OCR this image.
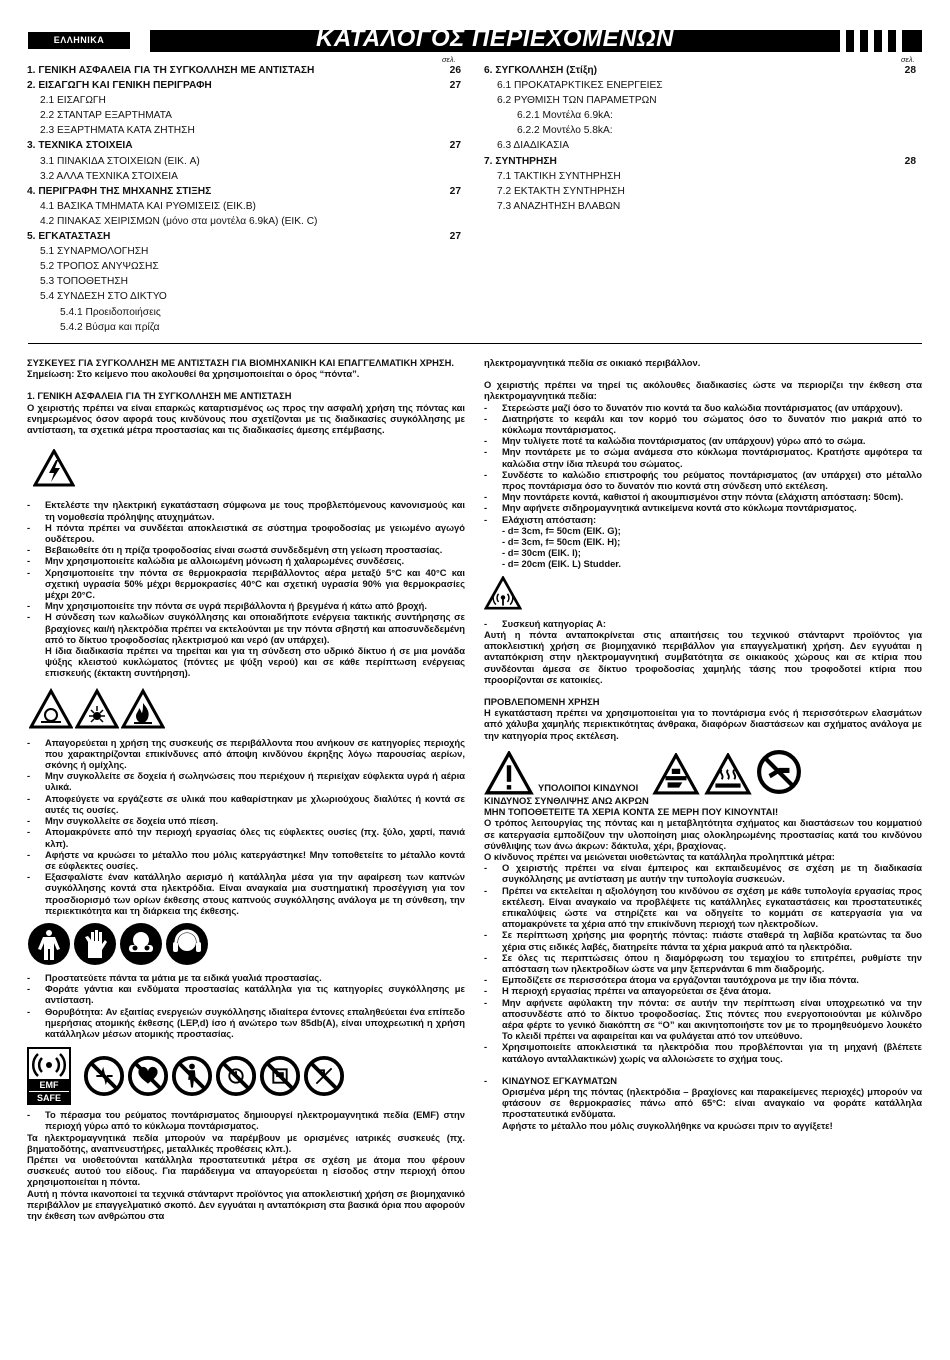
ΕΛΛΗΝΙΚΑ	ΚΑΤΑΛΟΓΟΣ ΠΕΡΙΕΧΟΜΕΝΩΝ
σελ.	σελ.
1. ΓΕΝΙΚΗ ΑΣΦΑΛΕΙΑ ΓΙΑ ΤΗ ΣΥΓΚΟΛΛΗΣΗ ΜΕ ΑΝΤΙΣΤΑΣΗ	26
2. ΕΙΣΑΓΩΓΗ ΚΑΙ ΓΕΝΙΚΗ ΠΕΡΙΓΡΑΦΗ	27
2.1 ΕΙΣΑΓΩΓΗ
2.2 ΣΤΑΝΤΑΡ ΕΞΑΡΤΗΜΑΤΑ
2.3 ΕΞΑΡΤΗΜΑΤΑ ΚΑΤΑ ΖΗΤΗΣΗ
3. ΤΕΧΝΙΚΑ ΣΤΟΙΧΕΙΑ	27
3.1 ΠΙΝΑΚΙΔΑ ΣΤΟΙΧΕΙΩΝ (ΕΙΚ. A)
3.2 ΑΛΛΑ ΤΕΧΝΙΚΑ ΣΤΟΙΧΕΙΑ
4. ΠΕΡΙΓΡΑΦΗ ΤΗΣ ΜΗΧΑΝΗΣ ΣΤΙΞΗΣ	27
4.1 ΒΑΣΙΚΑ ΤΜΗΜΑΤΑ ΚΑΙ ΡΥΘΜΙΣΕΙΣ (ΕΙΚ.B)
4.2 ΠΙΝΑΚΑΣ ΧΕΙΡΙΣΜΩΝ (μόνο στα μοντέλα 6.9kA) (ΕΙΚ. C)
5. ΕΓΚΑΤΑΣΤΑΣΗ	27
5.1 ΣΥΝΑΡΜΟΛΟΓΗΣΗ
5.2 ΤΡΟΠΟΣ ΑΝΥΨΩΣΗΣ
5.3 ΤΟΠΟΘΕΤΗΣΗ
5.4 ΣΥΝΔΕΣΗ ΣΤΟ ΔΙΚΤΥΟ
5.4.1 Προειδοποιήσεις
5.4.2 Βύσμα και πρίζα
6. ΣΥΓΚΟΛΛΗΣΗ (Στίξη)	28
6.1 ΠΡΟΚΑΤΑΡΚΤΙΚΕΣ ΕΝΕΡΓΕΙΕΣ
6.2 ΡΥΘΜΙΣΗ ΤΩΝ ΠΑΡΑΜΕΤΡΩΝ
6.2.1 Μοντέλα 6.9kA:
6.2.2 Μοντέλο 5.8kA:
6.3 ΔΙΑΔΙΚΑΣΙΑ
7. ΣΥΝΤΗΡΗΣΗ	28
7.1 ΤΑΚΤΙΚΗ ΣΥΝΤΗΡΗΣΗ
7.2 ΕΚΤΑΚΤΗ ΣΥΝΤΗΡΗΣΗ
7.3 ΑΝΑΖΗΤΗΣΗ ΒΛΑΒΩΝ

ΣΥΣΚΕΥΕΣ ΓΙΑ ΣΥΓΚΟΛΛΗΣΗ ΜΕ ΑΝΤΙΣΤΑΣΗ ΓΙΑ ΒΙΟΜΗΧΑΝΙΚΗ ΚΑΙ ΕΠΑΓΓΕΛΜΑΤΙΚΗ ΧΡΗΣΗ.

Σημείωση: Στο κείμενο που ακολουθεί θα χρησιμοποιείται ο όρος “πόντα”.

1. ΓΕΝΙΚΗ ΑΣΦΑΛΕΙΑ ΓΙΑ ΤΗ ΣΥΓΚΟΛΛΗΣΗ ΜΕ ΑΝΤΙΣΤΑΣΗ

Ο χειριστής πρέπει να είναι επαρκώς καταρτισμένος ως προς την ασφαλή χρήση της πόντας και ενημερωμένος όσον αφορά τους κινδύνους που σχετίζονται με τις διαδικασίες συγκόλλησης με αντίσταση, τα σχετικά μέτρα προστασίας και τις διαδικασίες άμεσης επέμβασης.

- Εκτελέστε την ηλεκτρική εγκατάσταση σύμφωνα με τους προβλεπόμενους κανονισμούς και τη νομοθεσία πρόληψης ατυχημάτων.
- Η πόντα πρέπει να συνδέεται αποκλειστικά σε σύστημα τροφοδοσίας με γειωμένο αγωγό ουδέτερου.
- Βεβαιωθείτε ότι η πρίζα τροφοδοσίας είναι σωστά συνδεδεμένη στη γείωση προστασίας.
- Μην χρησιμοποιείτε καλώδια με αλλοιωμένη μόνωση ή χαλαρωμένες συνδέσεις.
- Χρησιμοποιείτε την πόντα σε θερμοκρασία περιβάλλοντος αέρα μεταξύ 5°C και 40°C και σχετική υγρασία 50% μέχρι θερμοκρασίες 40°C και σχετική υγρασία 90% για θερμοκρασίες μέχρι 20°C.
- Μην χρησιμοποιείτε την πόντα σε υγρά περιβάλλοντα ή βρεγμένα ή κάτω από βροχή.
- Η σύνδεση των καλωδίων συγκόλλησης και οποιαδήποτε ενέργεια τακτικής συντήρησης σε βραχίονες και/ή ηλεκτρόδια πρέπει να εκτελούνται με την πόντα σβηστή και αποσυνδεδεμένη από το δίκτυο τροφοδοσίας ηλεκτρισμού και νερό (αν υπάρχει).

Η ίδια διαδικασία πρέπει να τηρείται και για τη σύνδεση στο υδρικό δίκτυο ή σε μια μονάδα ψύξης κλειστού κυκλώματος (πόντες με ψύξη νερού) και σε κάθε περίπτωση ενέργειας επισκευής (έκτακτη συντήρηση).

- Απαγορεύεται η χρήση της συσκευής σε περιβάλλοντα που ανήκουν σε κατηγορίες περιοχής που χαρακτηρίζονται επικίνδυνες από άποψη κινδύνου έκρηξης λόγω παρουσίας αερίων, σκόνης ή ομίχλης.
- Μην συγκολλείτε σε δοχεία ή σωληνώσεις που περιέχουν ή περιείχαν εύφλεκτα υγρά ή αέρια υλικά.
- Αποφεύγετε να εργάζεστε σε υλικά που καθαρίστηκαν με χλωριούχους διαλύτες ή κοντά σε αυτές τις ουσίες.
- Μην συγκολλείτε σε δοχεία υπό πίεση.
- Απομακρύνετε από την περιοχή εργασίας όλες τις εύφλεκτες ουσίες (πχ. ξύλο, χαρτί, πανιά κλπ).
- Αφήστε να κρυώσει το μέταλλο που μόλις κατεργάστηκε! Μην τοποθετείτε το μέταλλο κοντά σε εύφλεκτες ουσίες.
- Εξασφαλίστε έναν κατάλληλο αερισμό ή κατάλληλα μέσα για την αφαίρεση των καπνών συγκόλλησης κοντά στα ηλεκτρόδια. Είναι αναγκαία μια συστηματική προσέγγιση για τον προσδιορισμό των ορίων έκθεσης στους καπνούς συγκόλλησης ανάλογα με τη σύνθεση, την περιεκτικότητα και τη διάρκεια της έκθεσης.
- Προστατεύετε πάντα τα μάτια με τα ειδικά γυαλιά προστασίας.
- Φοράτε γάντια και ενδύματα προστασίας κατάλληλα για τις κατηγορίες συγκόλλησης με αντίσταση.
- Θορυβότητα: Αν εξαιτίας ενεργειών συγκόλλησης ιδιαίτερα έντονες επαληθεύεται ένα επίπεδο ημερήσιας ατομικής έκθεσης (LEP,d) ίσο ή ανώτερο των 85db(A), είναι υποχρεωτική η χρήση κατάλληλων μέσων ατομικής προστασίας.
EMF
SAFE
- Το πέρασμα του ρεύματος ποντάρισματος δημιουργεί ηλεκτρομαγνητικά πεδία (EMF) στην περιοχή γύρω από το κύκλωμα ποντάρισματος.

Τα ηλεκτρομαγνητικά πεδία μπορούν να παρέμβουν με ορισμένες ιατρικές συσκευές (πχ. βηματοδότης, αναπνευστήρες, μεταλλικές προθέσεις κλπ.).

Πρέπει να υιοθετούνται κατάλληλα προστατευτικά μέτρα σε σχέση με άτομα που φέρουν συσκευές αυτού του είδους. Για παράδειγμα να απαγορεύεται η είσοδος στην περιοχή όπου χρησιμοποιείται η πόντα.

Αυτή η πόντα ικανοποιεί τα τεχνικά στάνταρντ προϊόντος για αποκλειστική χρήση σε βιομηχανικό περιβάλλον με επαγγελματικό σκοπό. Δεν εγγυάται η ανταπόκριση στα βασικά όρια που αφορούν την έκθεση των ανθρώπου στα

ηλεκτρομαγνητικά πεδία σε οικιακό περιβάλλον.

Ο χειριστής πρέπει να τηρεί τις ακόλουθες διαδικασίες ώστε να περιορίζει την έκθεση στα ηλεκτρομαγνητικά πεδία:

- Στερεώστε μαζί όσο το δυνατόν πιο κοντά τα δυο καλώδια ποντάρισματος (αν υπάρχουν).
- Διατηρήστε το κεφάλι και τον κορμό του σώματος όσο το δυνατόν πιο μακριά από το κύκλωμα ποντάρισματος.
- Μην τυλίγετε ποτέ τα καλώδια ποντάρισματος (αν υπάρχουν) γύρω από το σώμα.
- Μην ποντάρετε με το σώμα ανάμεσα στο κύκλωμα ποντάρισματος. Κρατήστε αμφότερα τα καλώδια στην ίδια πλευρά του σώματος.
- Συνδέστε το καλώδιο επιστροφής του ρεύματος ποντάρισματος (αν υπάρχει) στο μέταλλο προς ποντάρισμα όσο το δυνατόν πιο κοντά στη σύνδεση υπό εκτέλεση.
- Μην ποντάρετε κοντά, καθιστοί ή ακουμπισμένοι στην πόντα (ελάχιστη απόσταση: 50cm).
- Μην αφήνετε σιδηρομαγνητικά αντικείμενα κοντά στο κύκλωμα ποντάρισματος.
- Ελάχιστη απόσταση:
- d= 3cm, f= 50cm (ΕΙΚ. G);
- d= 3cm, f= 50cm (ΕΙΚ. H);
- d= 30cm (ΕΙΚ. I);
- d= 20cm (ΕΙΚ. L) Studder.
- Συσκευή κατηγορίας A:

Αυτή η πόντα ανταποκρίνεται στις απαιτήσεις του τεχνικού στάνταρντ προϊόντος για αποκλειστική χρήση σε βιομηχανικό περιβάλλον για επαγγελματική χρήση. Δεν εγγυάται η ανταπόκριση στην ηλεκτρομαγνητική συμβατότητα σε οικιακούς χώρους και σε κτίρια που συνδέονται άμεσα σε δίκτυο τροφοδοσίας χαμηλής τάσης που τροφοδοτεί κτίρια που προορίζονται σε κατοικίες.

ΠΡΟΒΛΕΠΟΜΕΝΗ ΧΡΗΣΗ

Η εγκατάσταση πρέπει να χρησιμοποιείται για το ποντάρισμα ενός ή περισσότερων ελασμάτων από χάλυβα χαμηλής περιεκτικότητας άνθρακα, διαφόρων διαστάσεων και σχήματος ανάλογα με την κατηγορία προς εκτέλεση.

ΥΠΟΛΟΙΠΟΙ ΚΙΝΔΥΝΟΙ

ΚΙΝΔΥΝΟΣ ΣΥΝΘΛΙΨΗΣ ΑΝΩ ΑΚΡΩΝ

ΜΗΝ ΤΟΠΟΘΕΤΕΙΤΕ ΤΑ ΧΕΡΙΑ ΚΟΝΤΑ ΣΕ ΜΕΡΗ ΠΟΥ ΚΙΝΟΥΝΤΑΙ!

Ο τρόπος λειτουργίας της πόντας και η μεταβλητότητα σχήματος και διαστάσεων του κομματιού σε κατεργασία εμποδίζουν την υλοποίηση μιας ολοκληρωμένης προστασίας κατά του κινδύνου σύνθλιψης των άνω άκρων: δάκτυλα, χέρι, βραχίονας.

Ο κίνδυνος πρέπει να μειώνεται υιοθετώντας τα κατάλληλα προληπτικά μέτρα:

- Ο χειριστής πρέπει να είναι έμπειρος και εκπαιδευμένος σε σχέση με τη διαδικασία συγκόλλησης με αντίσταση με αυτήν την τυπολογία συσκευών.
- Πρέπει να εκτελείται η αξιολόγηση του κινδύνου σε σχέση με κάθε τυπολογία εργασίας προς εκτέλεση. Είναι αναγκαίο να προβλέψετε τις κατάλληλες εγκαταστάσεις και προστατευτικές επικαλύψεις ώστε να στηρίζετε και να οδηγείτε το κομμάτι σε κατεργασία για να απομακρύνετε τα χέρια από την επικίνδυνη περιοχή των ηλεκτροδίων.
- Σε περίπτωση χρήσης μια φορητής πόντας: πιάστε σταθερά τη λαβίδα κρατώντας τα δυο χέρια στις ειδικές λαβές, διατηρείτε πάντα τα χέρια μακρυά από τα ηλεκτρόδια.
- Σε όλες τις περιπτώσεις όπου η διαμόρφωση του τεμαχίου το επιτρέπει, ρυθμίστε την απόσταση των ηλεκτροδίων ώστε να μην ξεπερνάνται 6 mm διαδρομής.
- Εμποδίζετε σε περισσότερα άτομα να εργάζονται ταυτόχρονα με την ίδια πόντα.
- Η περιοχή εργασίας πρέπει να απαγορεύεται σε ξένα άτομα.
- Μην αφήνετε αφύλακτη την πόντα: σε αυτήν την περίπτωση είναι υποχρεωτικό να την αποσυνδέστε από το δίκτυο τροφοδοσίας. Στις πόντες που ενεργοποιούνται με κύλινδρο αέρα φέρτε το γενικό διακόπτη σε “O” και ακινητοποιήστε τον με το προμηθευόμενο λουκέτο Το κλειδί πρέπει να αφαιρείται και να φυλάγεται από τον υπεύθυνο.
- Χρησιμοποιείτε αποκλειστικά τα ηλεκτρόδια που προβλέπονται για τη μηχανή (βλέπετε κατάλογο ανταλλακτικών) χωρίς να αλλοιώσετε το σχήμα τους.
- ΚΙΝΔΥΝΟΣ ΕΓΚΑΥΜΑΤΩΝ

Ορισμένα μέρη της πόντας (ηλεκτρόδια – βραχίονες και παρακείμενες περιοχές) μπορούν να φτάσουν σε θερμοκρασίες πάνω από 65°C: είναι αναγκαίο να φοράτε κατάλληλα προστατευτικά ενδύματα.

Αφήστε το μέταλλο που μόλις συγκολλήθηκε να κρυώσει πριν το αγγίξετε!
